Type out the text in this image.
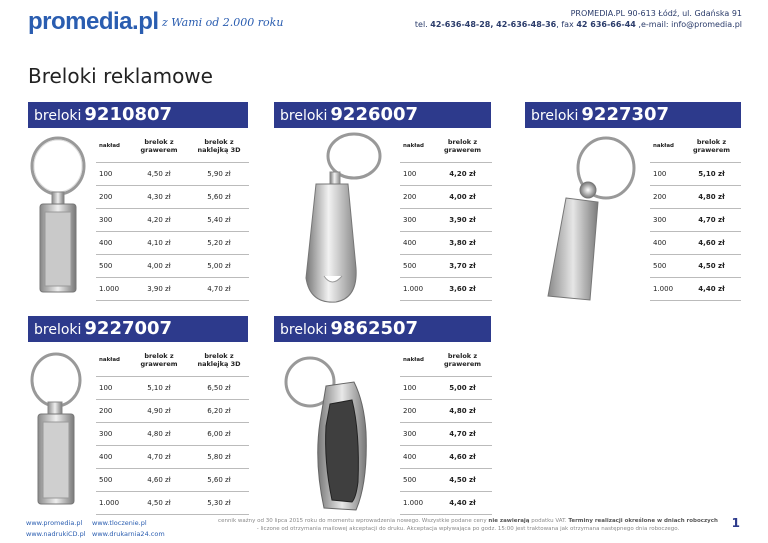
promedia.pl z Wami od 2.000 roku
PROMEDIA.PL 90-613 Łódź, ul. Gdańska 91
tel. 42-636-48-28, 42-636-48-36, fax 42 636-66-44 ,e-mail: info@promedia.pl
Breloki reklamowe
breloki 9210807
nakład	brelok z grawerem	brelok z naklejką 3D
100	4,50 zł	5,90 zł
200	4,30 zł	5,60 zł
300	4,20 zł	5,40 zł
400	4,10 zł	5,20 zł
500	4,00 zł	5,00 zł
1.000	3,90 zł	4,70 zł
breloki 9226007
nakład	brelok z grawerem
100	4,20 zł
200	4,00 zł
300	3,90 zł
400	3,80 zł
500	3,70 zł
1.000	3,60 zł
breloki 9227307
nakład	brelok z grawerem
100	5,10 zł
200	4,80 zł
300	4,70 zł
400	4,60 zł
500	4,50 zł
1.000	4,40 zł
breloki 9227007
nakład	brelok z grawerem	brelok z naklejką 3D
100	5,10 zł	6,50 zł
200	4,90 zł	6,20 zł
300	4,80 zł	6,00 zł
400	4,70 zł	5,80 zł
500	4,60 zł	5,60 zł
1.000	4,50 zł	5,30 zł
breloki 9862507
nakład	brelok z grawerem
100	5,00 zł
200	4,80 zł
300	4,70 zł
400	4,60 zł
500	4,50 zł
1.000	4,40 zł
www.promedia.pl www.tloczenie.pl
www.nadrukiCD.pl www.drukarnia24.com
cennik ważny od 30 lipca 2015 roku do momentu wprowadzenia nowego. Wszystkie podane ceny nie zawierają podatku VAT. Terminy realizacji określone w dniach roboczych - liczone od otrzymania mailowej akceptacji do druku. Akceptacja wpływająca po godz. 15:00 jest traktowana jak otrzymana następnego dnia roboczego.	1
